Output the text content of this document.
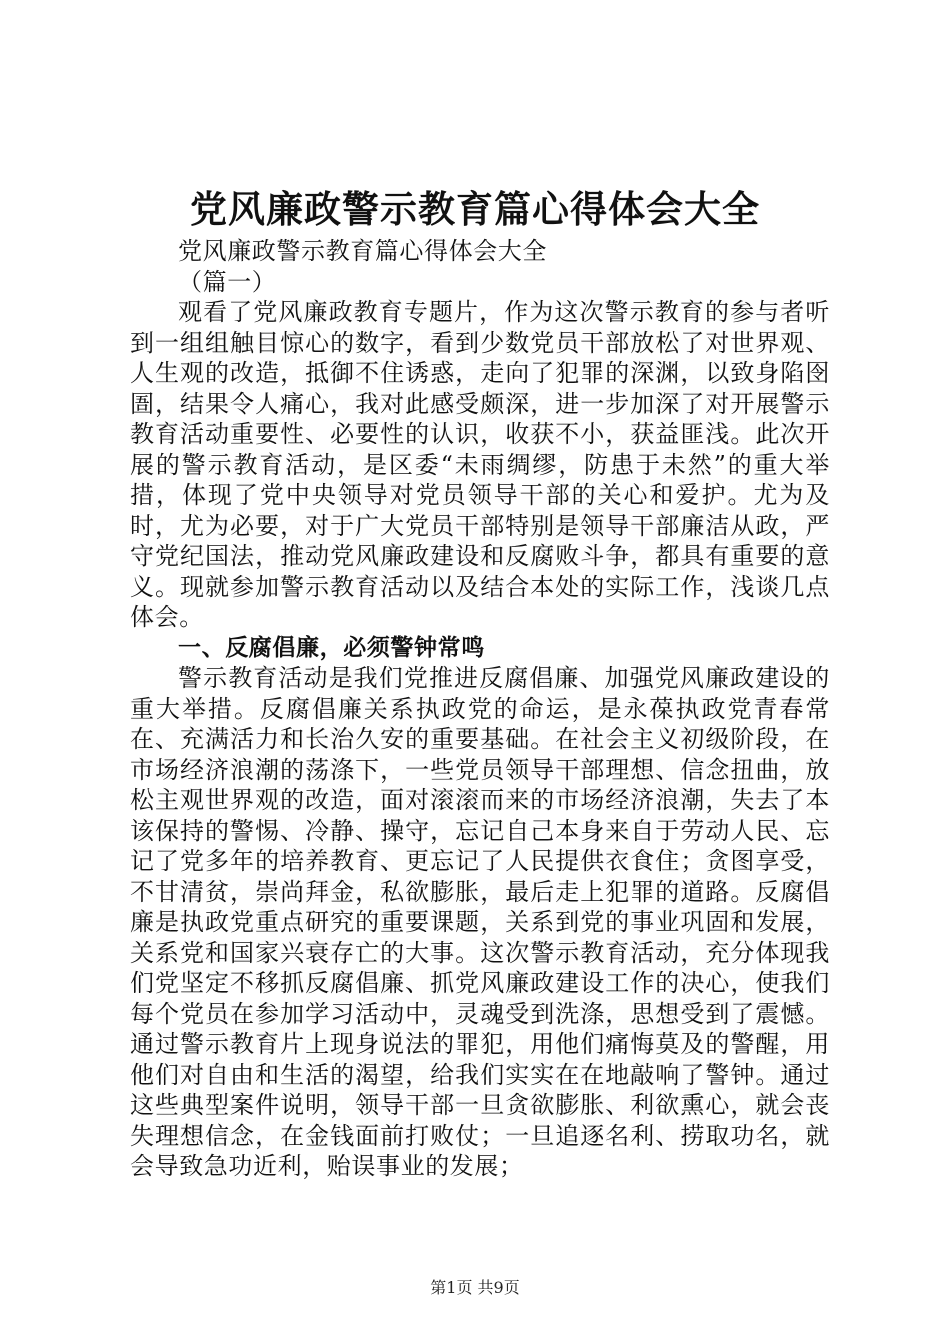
党风廉政警示教育篇心得体会大全

党风廉政警示教育篇心得体会大全

（篇一）

观看了党风廉政教育专题片，作为这次警示教育的参与者听到一组组触目惊心的数字，看到少数党员干部放松了对世界观、人生观的改造，抵御不住诱惑，走向了犯罪的深渊，以致身陷囹圄，结果令人痛心，我对此感受颇深，进一步加深了对开展警示教育活动重要性、必要性的认识，收获不小，获益匪浅。此次开展的警示教育活动，是区委“未雨绸缪，防患于未然”的重大举措，体现了党中央领导对党员领导干部的关心和爱护。尤为及时，尤为必要，对于广大党员干部特别是领导干部廉洁从政，严守党纪国法，推动党风廉政建设和反腐败斗争，都具有重要的意义。现就参加警示教育活动以及结合本处的实际工作，浅谈几点体会。

一、反腐倡廉，必须警钟常鸣

警示教育活动是我们党推进反腐倡廉、加强党风廉政建设的重大举措。反腐倡廉关系执政党的命运，是永葆执政党青春常在、充满活力和长治久安的重要基础。在社会主义初级阶段，在市场经济浪潮的荡涤下，一些党员领导干部理想、信念扭曲，放松主观世界观的改造，面对滚滚而来的市场经济浪潮，失去了本该保持的警惕、冷静、操守，忘记自己本身来自于劳动人民、忘记了党多年的培养教育、更忘记了人民提供衣食住；贪图享受，不甘清贫，崇尚拜金，私欲膨胀，最后走上犯罪的道路。反腐倡廉是执政党重点研究的重要课题，关系到党的事业巩固和发展，关系党和国家兴衰存亡的大事。这次警示教育活动，充分体现我们党坚定不移抓反腐倡廉、抓党风廉政建设工作的决心，使我们每个党员在参加学习活动中，灵魂受到洗涤，思想受到了震憾。通过警示教育片上现身说法的罪犯，用他们痛悔莫及的警醒，用他们对自由和生活的渴望，给我们实实在在地敲响了警钟。通过这些典型案件说明，领导干部一旦贪欲膨胀、利欲熏心，就会丧失理想信念，在金钱面前打败仗；一旦追逐名利、捞取功名，就会导致急功近利，贻误事业的发展；

第1页 共9页
